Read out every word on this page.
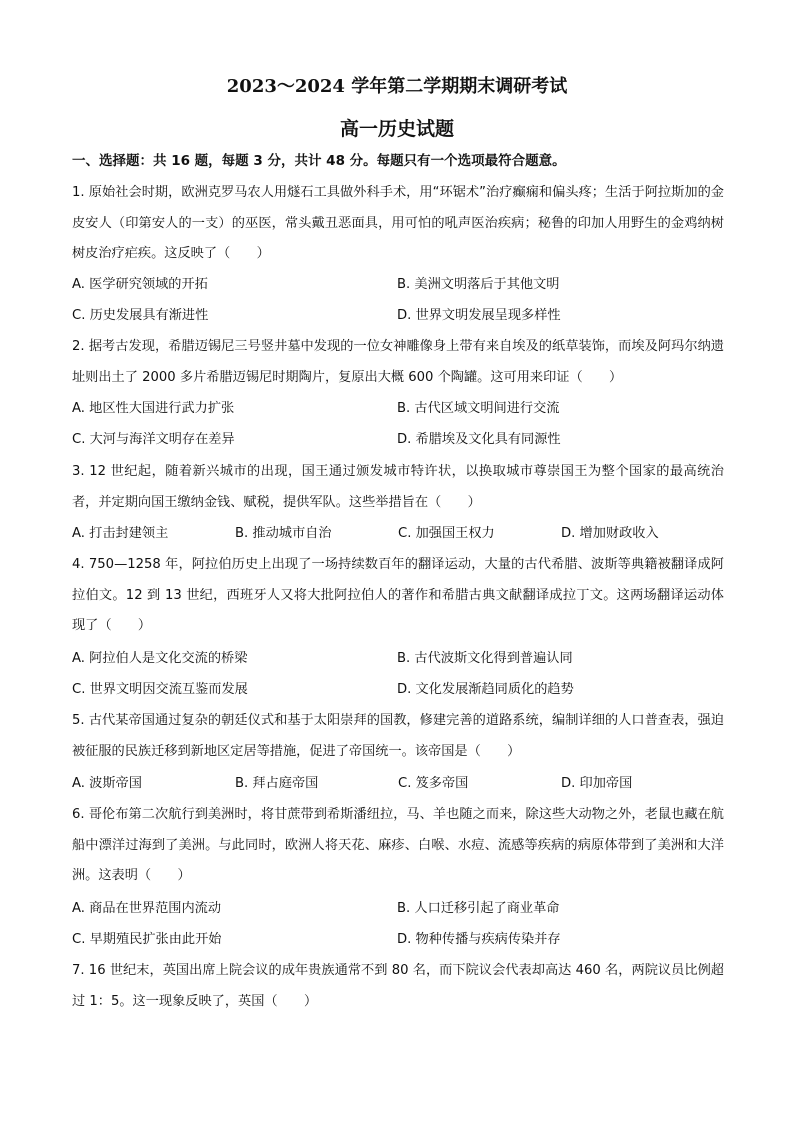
2023～2024 学年第二学期期末调研考试
高一历史试题
一、选择题：共 16 题，每题 3 分，共计 48 分。每题只有一个选项最符合题意。
1. 原始社会时期，欧洲克罗马农人用燧石工具做外科手术，用“环锯术”治疗癫痫和偏头疼；生活于阿拉斯加的金皮安人（印第安人的一支）的巫医，常头戴丑恶面具，用可怕的吼声医治疾病；秘鲁的印加人用野生的金鸡纳树树皮治疗疟疾。这反映了（　　）
A. 医学研究领域的开拓	B. 美洲文明落后于其他文明
C. 历史发展具有渐进性	D. 世界文明发展呈现多样性
2. 据考古发现，希腊迈锡尼三号竖井墓中发现的一位女神雕像身上带有来自埃及的纸草装饰，而埃及阿玛尔纳遗址则出土了 2000 多片希腊迈锡尼时期陶片，复原出大概 600 个陶罐。这可用来印证（　　）
A. 地区性大国进行武力扩张	B. 古代区域文明间进行交流
C. 大河与海洋文明存在差异	D. 希腊埃及文化具有同源性
3. 12 世纪起，随着新兴城市的出现，国王通过颁发城市特许状，以换取城市尊崇国王为整个国家的最高统治者，并定期向国王缴纳金钱、赋税，提供军队。这些举措旨在（　　）
A. 打击封建领主	B. 推动城市自治	C. 加强国王权力	D. 增加财政收入
4. 750—1258 年，阿拉伯历史上出现了一场持续数百年的翻译运动，大量的古代希腊、波斯等典籍被翻译成阿拉伯文。12 到 13 世纪，西班牙人又将大批阿拉伯人的著作和希腊古典文献翻译成拉丁文。这两场翻译运动体现了（　　）
A. 阿拉伯人是文化交流的桥梁	B. 古代波斯文化得到普遍认同
C. 世界文明因交流互鉴而发展	D. 文化发展渐趋同质化的趋势
5. 古代某帝国通过复杂的朝廷仪式和基于太阳崇拜的国教，修建完善的道路系统，编制详细的人口普查表，强迫被征服的民族迁移到新地区定居等措施，促进了帝国统一。该帝国是（　　）
A. 波斯帝国	B. 拜占庭帝国	C. 笈多帝国	D. 印加帝国
6. 哥伦布第二次航行到美洲时，将甘蔗带到希斯潘纽拉，马、羊也随之而来，除这些大动物之外，老鼠也藏在航船中漂洋过海到了美洲。与此同时，欧洲人将天花、麻疹、白喉、水痘、流感等疾病的病原体带到了美洲和大洋洲。这表明（　　）
A. 商品在世界范围内流动	B. 人口迁移引起了商业革命
C. 早期殖民扩张由此开始	D. 物种传播与疾病传染并存
7. 16 世纪末，英国出席上院会议的成年贵族通常不到 80 名，而下院议会代表却高达 460 名，两院议员比例超过 1：5。这一现象反映了，英国（　　）
